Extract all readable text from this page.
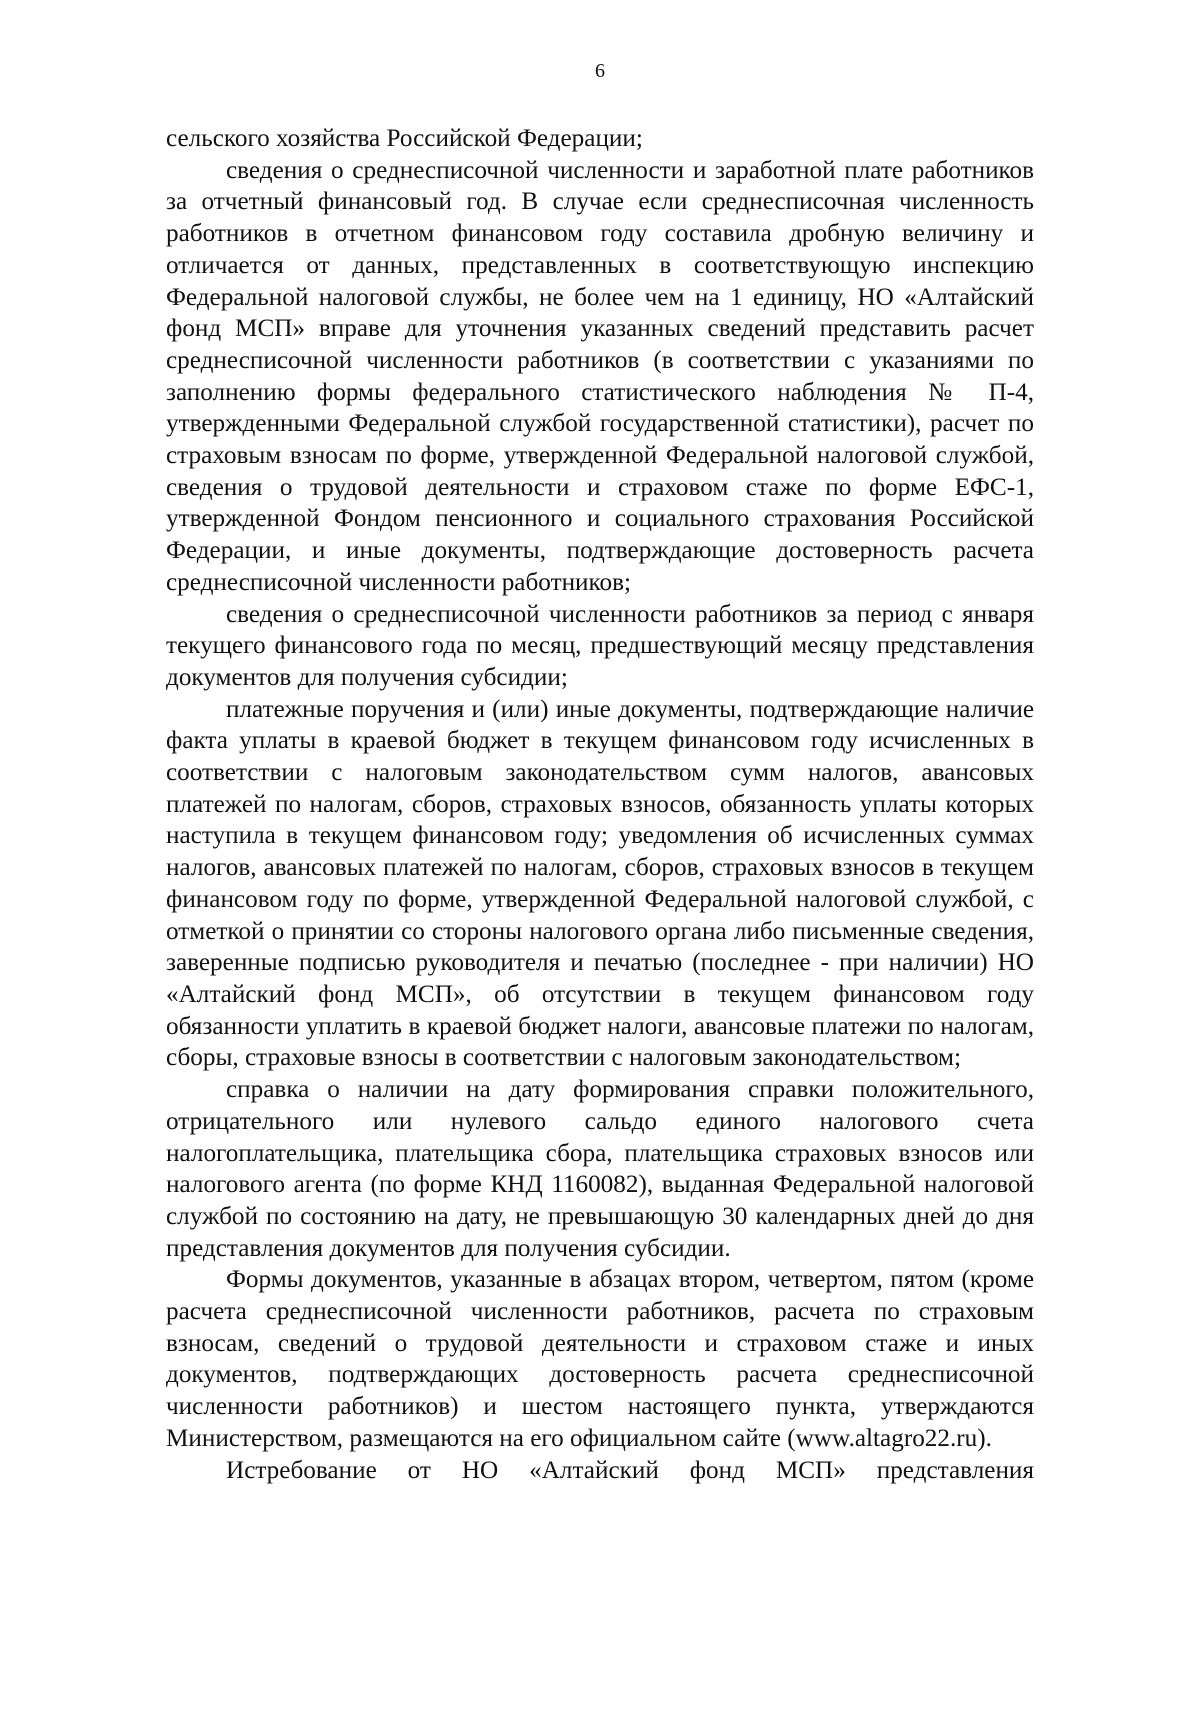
6

сельского хозяйства Российской Федерации;

сведения о среднесписочной численности и заработной плате работников за отчетный финансовый год. В случае если среднесписочная численность работников в отчетном финансовом году составила дробную величину и отличается от данных, представленных в соответствующую инспекцию Федеральной налоговой службы, не более чем на 1 единицу, НО «Алтайский фонд МСП» вправе для уточнения указанных сведений представить расчет среднесписочной численности работников (в соответствии с указаниями по заполнению формы федерального статистического наблюдения № П-4, утвержденными Федеральной службой государственной статистики), расчет по страховым взносам по форме, утвержденной Федеральной налоговой службой, сведения о трудовой деятельности и страховом стаже по форме ЕФС-1, утвержденной Фондом пенсионного и социального страхования Российской Федерации, и иные документы, подтверждающие достоверность расчета среднесписочной численности работников;

сведения о среднесписочной численности работников за период с января текущего финансового года по месяц, предшествующий месяцу представления документов для получения субсидии;

платежные поручения и (или) иные документы, подтверждающие наличие факта уплаты в краевой бюджет в текущем финансовом году исчисленных в соответствии с налоговым законодательством сумм налогов, авансовых платежей по налогам, сборов, страховых взносов, обязанность уплаты которых наступила в текущем финансовом году; уведомления об исчисленных суммах налогов, авансовых платежей по налогам, сборов, страховых взносов в текущем финансовом году по форме, утвержденной Федеральной налоговой службой, с отметкой о принятии со стороны налогового органа либо письменные сведения, заверенные подписью руководителя и печатью (последнее - при наличии) НО «Алтайский фонд МСП», об отсутствии в текущем финансовом году обязанности уплатить в краевой бюджет налоги, авансовые платежи по налогам, сборы, страховые взносы в соответствии с налоговым законодательством;

справка о наличии на дату формирования справки положительного, отрицательного или нулевого сальдо единого налогового счета налогоплательщика, плательщика сбора, плательщика страховых взносов или налогового агента (по форме КНД 1160082), выданная Федеральной налоговой службой по состоянию на дату, не превышающую 30 календарных дней до дня представления документов для получения субсидии.

Формы документов, указанные в абзацах втором, четвертом, пятом (кроме расчета среднесписочной численности работников, расчета по страховым взносам, сведений о трудовой деятельности и страховом стаже и иных документов, подтверждающих достоверность расчета среднесписочной численности работников) и шестом настоящего пункта, утверждаются Министерством, размещаются на его официальном сайте (www.altagro22.ru).

Истребование от НО «Алтайский фонд МСП» представления
